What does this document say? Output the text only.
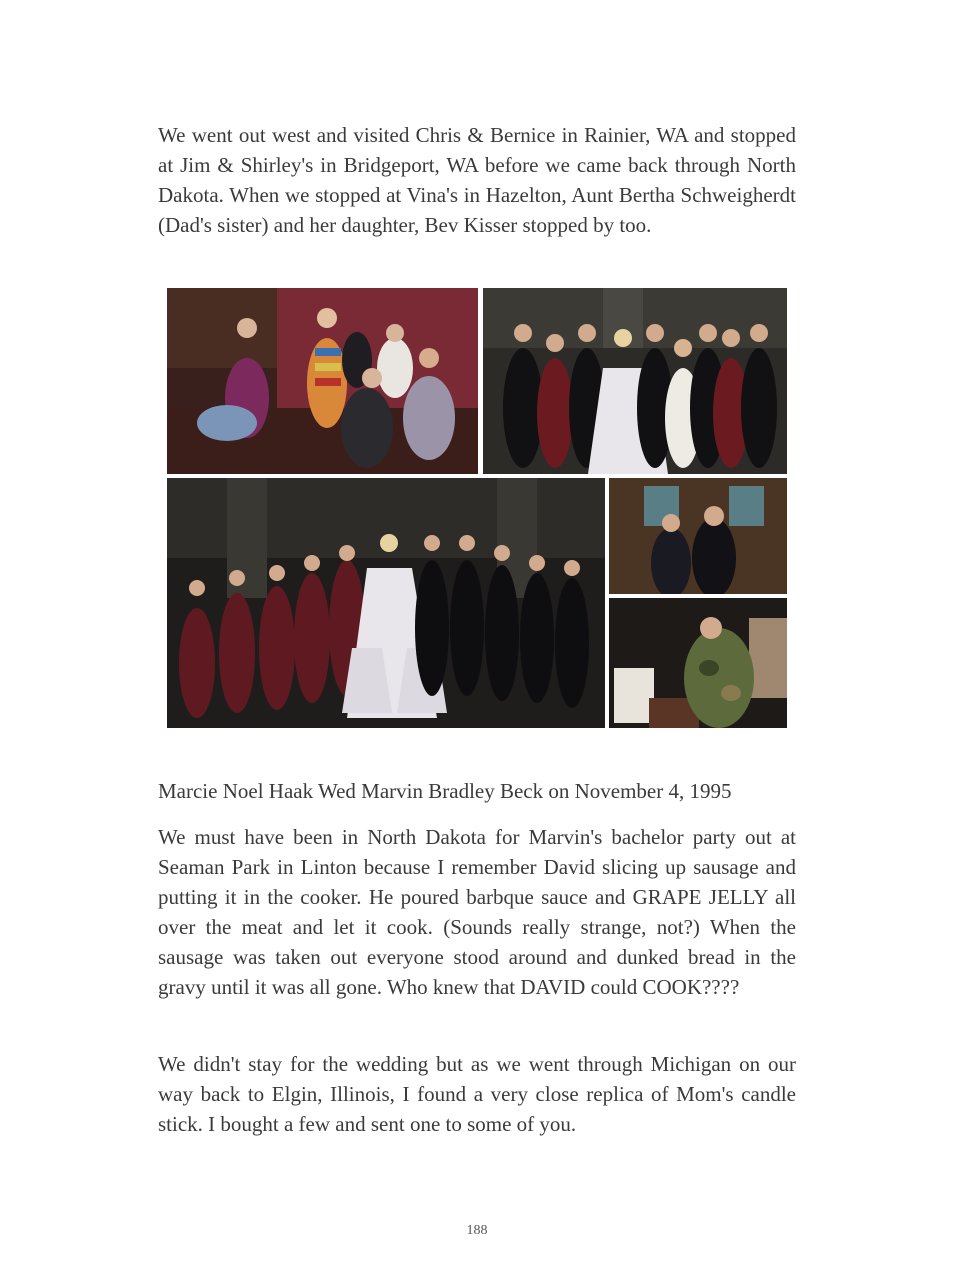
We went out west and visited Chris & Bernice in Rainier, WA and stopped at Jim & Shirley's in Bridgeport, WA before we came back through North Dakota. When we stopped at Vina's in Hazelton, Aunt Bertha Schweigherdt (Dad's sister) and her daughter, Bev Kisser stopped by too.

Marcie Noel Haak Wed Marvin Bradley Beck on November 4, 1995

We must have been in North Dakota for Marvin's bachelor party out at Seaman Park in Linton because I remember David slicing up sausage and putting it in the cooker. He poured barbque sauce and GRAPE JELLY all over the meat and let it cook. (Sounds really strange, not?) When the sausage was taken out everyone stood around and dunked bread in the gravy until it was all gone. Who knew that DAVID could COOK????

We didn't stay for the wedding but as we went through Michigan on our way back to Elgin, Illinois, I found a very close replica of Mom's candle stick. I bought a few and sent one to some of you.

188
